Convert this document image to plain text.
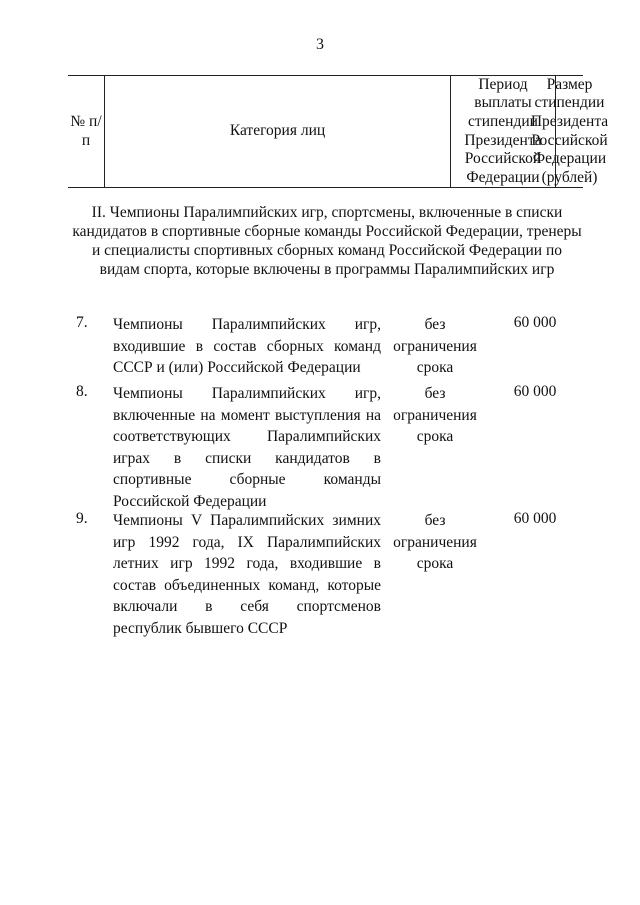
3
№ п/п
Категория лиц
Период выплаты стипендии Президента Российской Федерации
Размер стипендии Президента Российской Федерации (рублей)
II. Чемпионы Паралимпийских игр, спортсмены, включенные в списки кандидатов в спортивные сборные команды Российской Федерации, тренеры и специалисты спортивных сборных команд Российской Федерации по видам спорта, которые включены в программы Паралимпийских игр
7. Чемпионы Паралимпийских игр, входившие в состав сборных команд СССР и (или) Российской Федерации
без ограничения срока
60 000
8. Чемпионы Паралимпийских игр, включенные на момент выступления на соответствующих Паралимпийских играх в списки кандидатов в спортивные сборные команды Российской Федерации
без ограничения срока
60 000
9. Чемпионы V Паралимпийских зимних игр 1992 года, IX Паралимпийских летних игр 1992 года, входившие в состав объединенных команд, которые включали в себя спортсменов республик бывшего СССР
без ограничения срока
60 000
